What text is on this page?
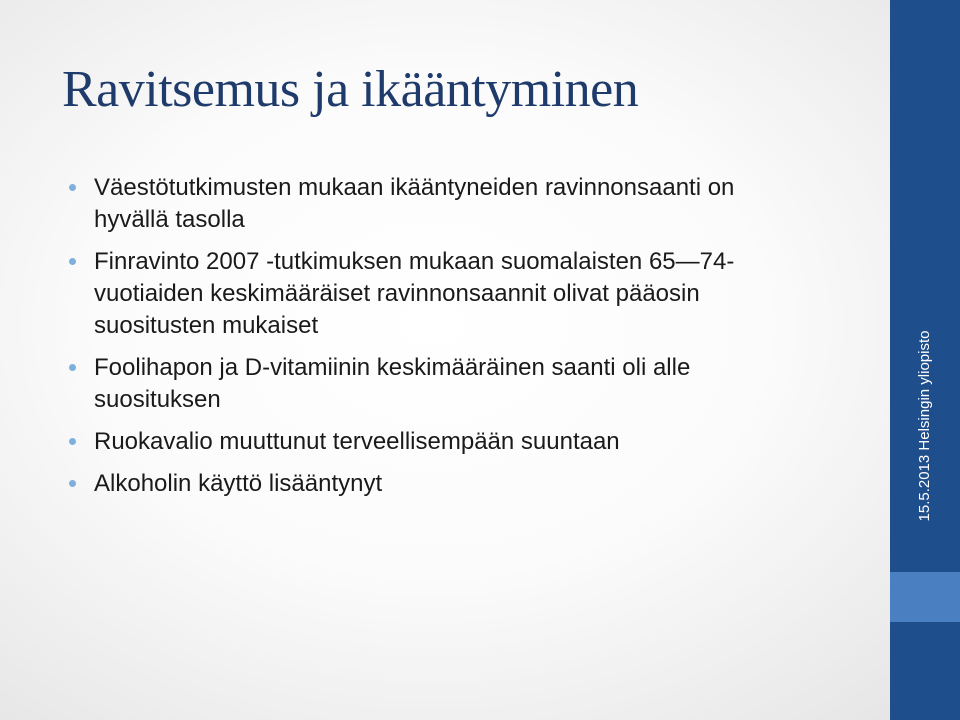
Ravitsemus ja ikääntyminen
Väestötutkimusten mukaan ikääntyneiden ravinnonsaanti on hyvällä tasolla
Finravinto 2007 -tutkimuksen mukaan suomalaisten 65—74-vuotiaiden keskimääräiset ravinnonsaannit olivat pääosin suositusten mukaiset
Foolihapon ja D-vitamiinin keskimääräinen saanti oli alle suosituksen
Ruokavalio muuttunut terveellisempään suuntaan
Alkoholin käyttö lisääntynyt	15.5.2013 Helsingin yliopisto
